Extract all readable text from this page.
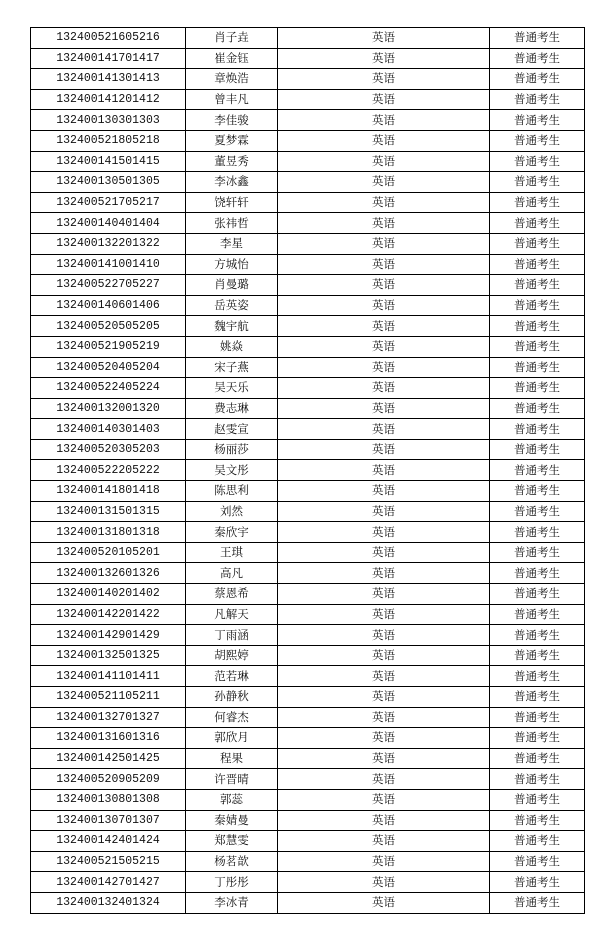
132400521605216	肖子垚	英语	普通考生
132400141701417	崔金钰	英语	普通考生
132400141301413	章焕浩	英语	普通考生
132400141201412	曾丰凡	英语	普通考生
132400130301303	李佳骏	英语	普通考生
132400521805218	夏梦霖	英语	普通考生
132400141501415	董昱秀	英语	普通考生
132400130501305	李冰鑫	英语	普通考生
132400521705217	饶轩轩	英语	普通考生
132400140401404	张祎哲	英语	普通考生
132400132201322	李星	英语	普通考生
132400141001410	方城怡	英语	普通考生
132400522705227	肖曼璐	英语	普通考生
132400140601406	岳英姿	英语	普通考生
132400520505205	魏宇航	英语	普通考生
132400521905219	姚焱	英语	普通考生
132400520405204	宋子燕	英语	普通考生
132400522405224	吴天乐	英语	普通考生
132400132001320	费志琳	英语	普通考生
132400140301403	赵雯宣	英语	普通考生
132400520305203	杨丽莎	英语	普通考生
132400522205222	吴文彤	英语	普通考生
132400141801418	陈思利	英语	普通考生
132400131501315	刘然	英语	普通考生
132400131801318	秦欣宇	英语	普通考生
132400520105201	王琪	英语	普通考生
132400132601326	高凡	英语	普通考生
132400140201402	蔡恩希	英语	普通考生
132400142201422	凡解天	英语	普通考生
132400142901429	丁雨涵	英语	普通考生
132400132501325	胡熙婷	英语	普通考生
132400141101411	范若琳	英语	普通考生
132400521105211	孙静秋	英语	普通考生
132400132701327	何睿杰	英语	普通考生
132400131601316	郭欣月	英语	普通考生
132400142501425	程果	英语	普通考生
132400520905209	许晋晴	英语	普通考生
132400130801308	郭蕊	英语	普通考生
132400130701307	秦婧曼	英语	普通考生
132400142401424	郑慧雯	英语	普通考生
132400521505215	杨茗歆	英语	普通考生
132400142701427	丁彤彤	英语	普通考生
132400132401324	李冰青	英语	普通考生
